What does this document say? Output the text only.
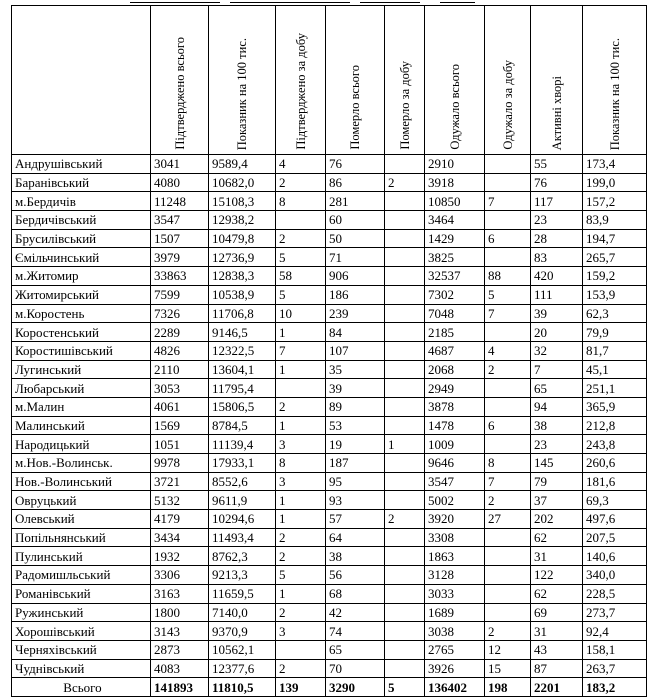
	Підтверджено всього	Показник на 100 тис.	Підтверджено за добу	Померло всього	Померло за добу	Одужало всього	Одужало за добу	Активні хворі	Показник на 100 тис.

Андрушівський	3041	9589,4	4	76		2910		55	173,4
Баранівський	4080	10682,0	2	86	2	3918		76	199,0
м.Бердичів	11248	15108,3	8	281		10850	7	117	157,2
Бердичівський	3547	12938,2		60		3464		23	83,9
Брусилівський	1507	10479,8	2	50		1429	6	28	194,7
Ємільчинський	3979	12736,9	5	71		3825		83	265,7
м.Житомир	33863	12838,3	58	906		32537	88	420	159,2
Житомирський	7599	10538,9	5	186		7302	5	111	153,9
м.Коростень	7326	11706,8	10	239		7048	7	39	62,3
Коростенський	2289	9146,5	1	84		2185		20	79,9
Коростишівський	4826	12322,5	7	107		4687	4	32	81,7
Лугинський	2110	13604,1	1	35		2068	2	7	45,1
Любарський	3053	11795,4		39		2949		65	251,1
м.Малин	4061	15806,5	2	89		3878		94	365,9
Малинський	1569	8784,5	1	53		1478	6	38	212,8
Народицький	1051	11139,4	3	19	1	1009		23	243,8
м.Нов.-Волинськ.	9978	17933,1	8	187		9646	8	145	260,6
Нов.-Волинський	3721	8552,6	3	95		3547	7	79	181,6
Овруцький	5132	9611,9	1	93		5002	2	37	69,3
Олевський	4179	10294,6	1	57	2	3920	27	202	497,6
Попільнянський	3434	11493,4	2	64		3308		62	207,5
Пулинський	1932	8762,3	2	38		1863		31	140,6
Радомишльський	3306	9213,3	5	56		3128		122	340,0
Романівський	3163	11659,5	1	68		3033		62	228,5
Ружинський	1800	7140,0	2	42		1689		69	273,7
Хорошівський	3143	9370,9	3	74		3038	2	31	92,4
Черняхівський	2873	10562,1		65		2765	12	43	158,1
Чуднівський	4083	12377,6	2	70		3926	15	87	263,7
Всього	141893	11810,5	139	3290	5	136402	198	2201	183,2
